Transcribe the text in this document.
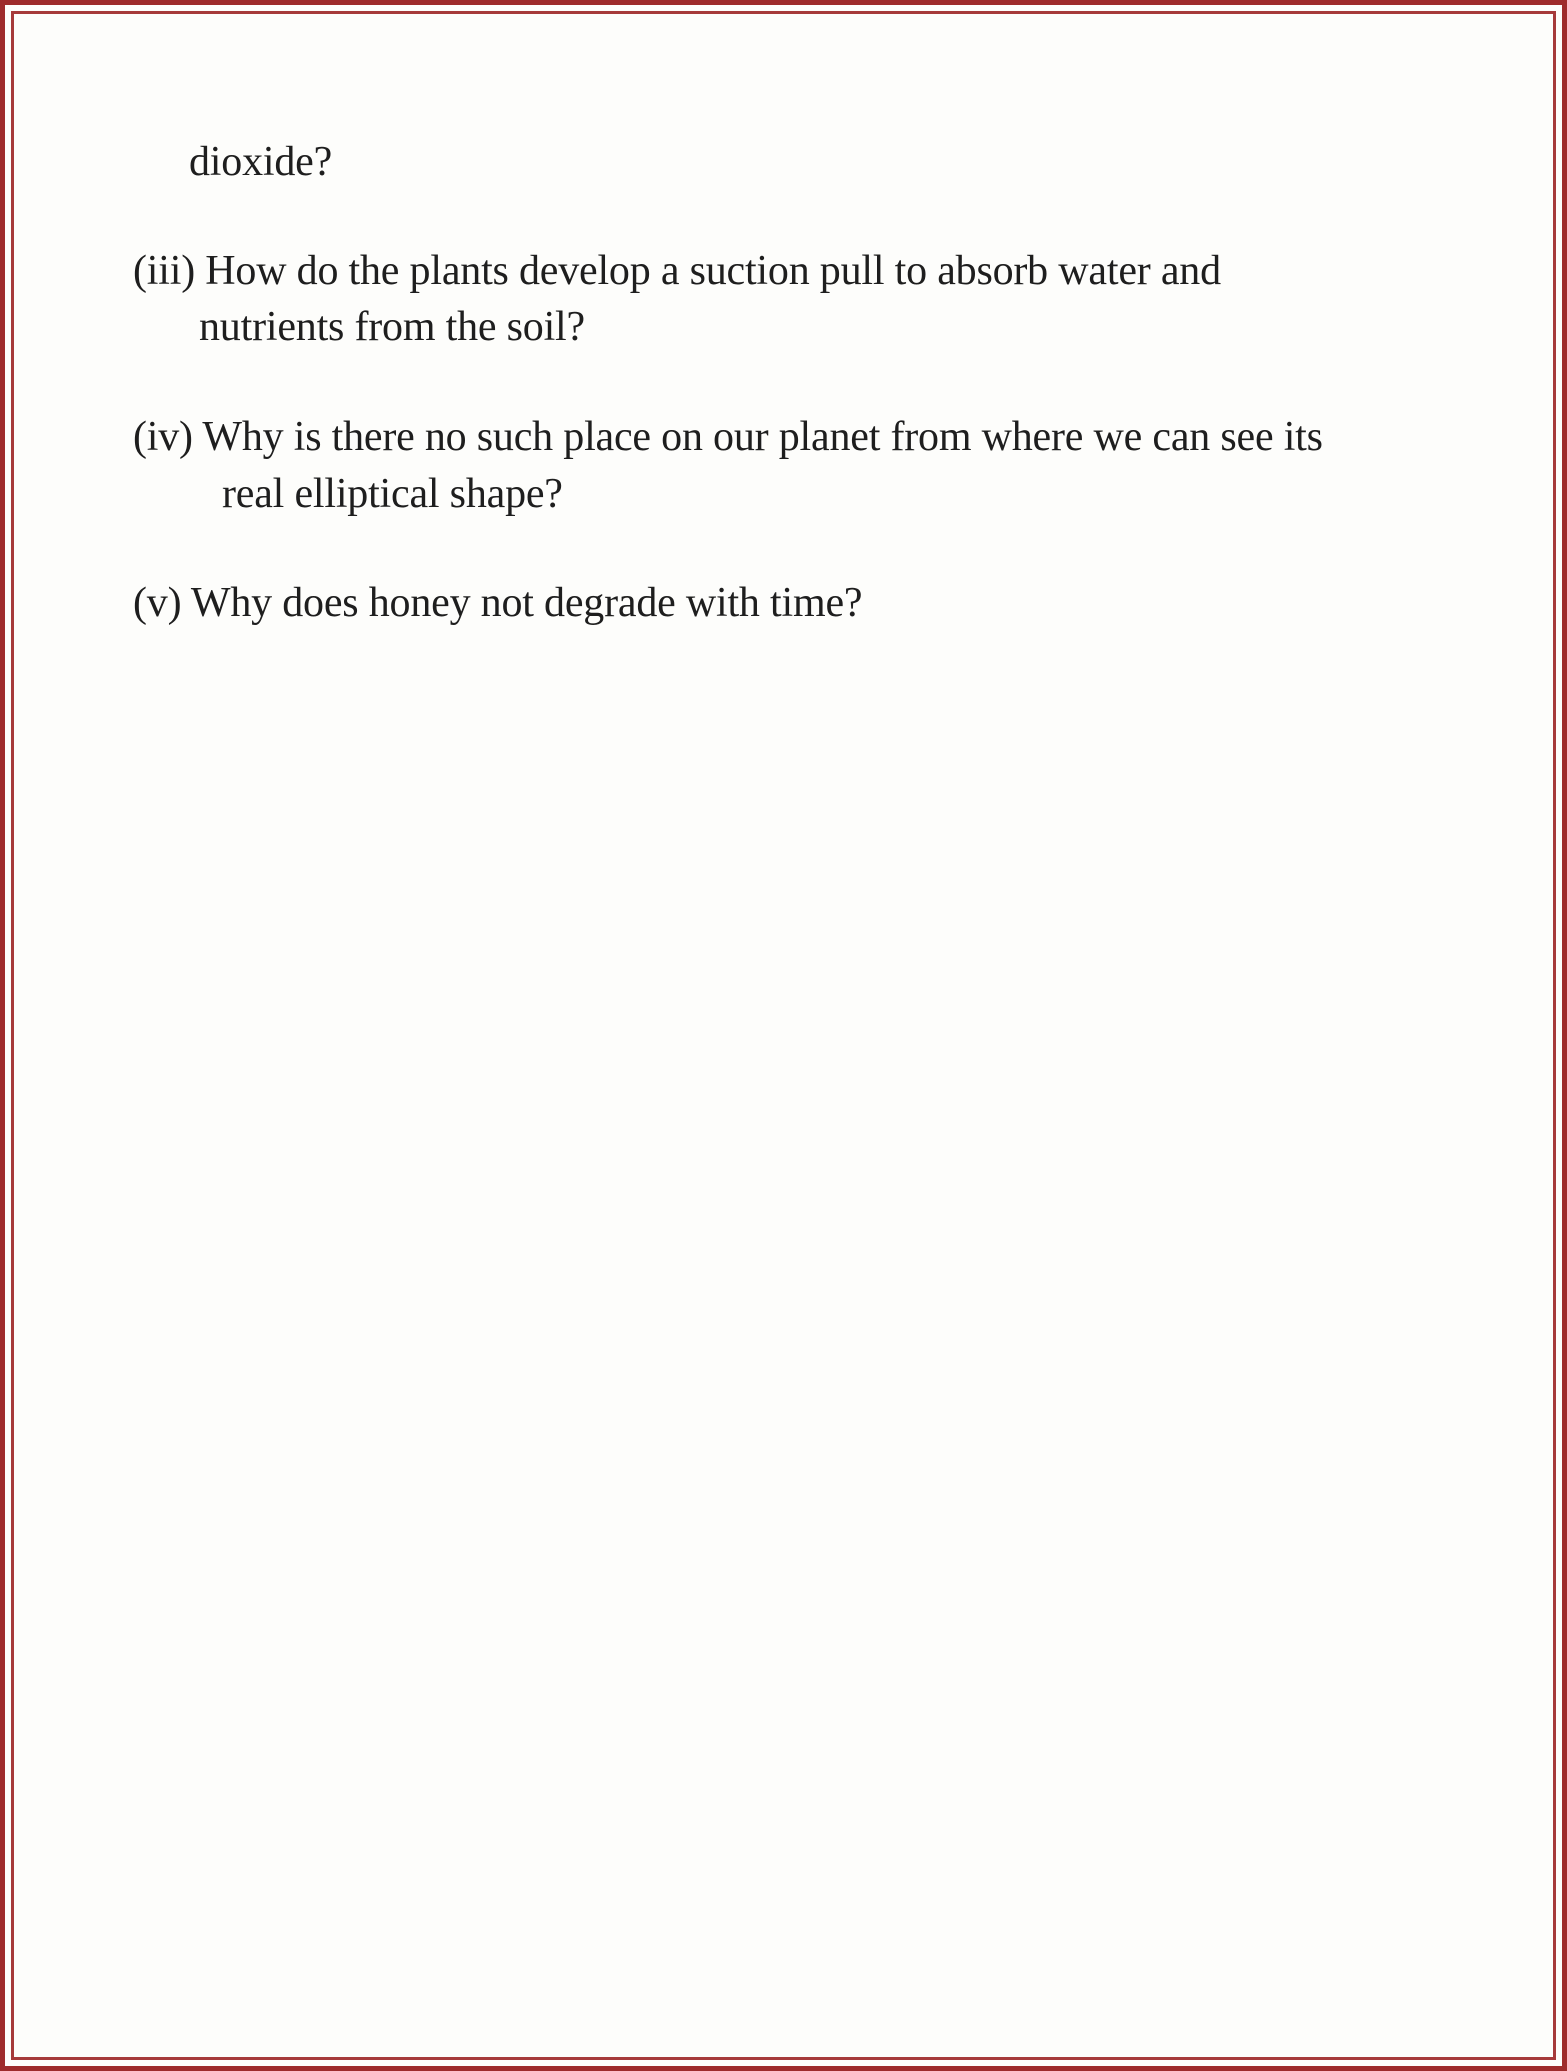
dioxide?

(iii) How do the plants develop a suction pull to absorb water and

nutrients from the soil?

(iv) Why is there no such place on our planet from where we can see its

real elliptical shape?

(v) Why does honey not degrade with time?
